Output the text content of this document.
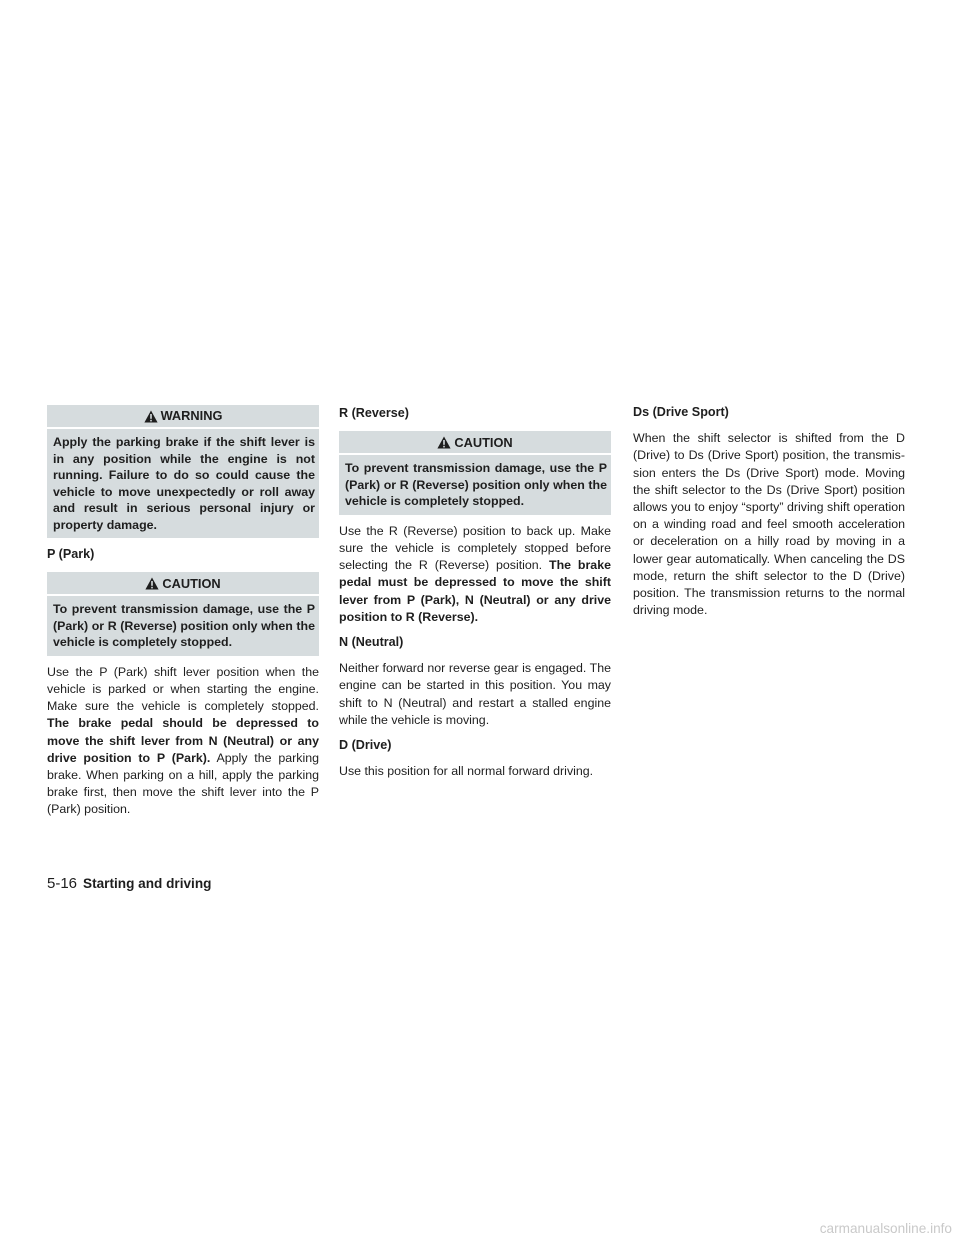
WARNING
Apply the parking brake if the shift lever is in any position while the engine is not running. Failure to do so could cause the vehicle to move unexpectedly or roll away and result in serious personal injury or property damage.
P (Park)
CAUTION
To prevent transmission damage, use the P (Park) or R (Reverse) position only when the vehicle is completely stopped.

Use the P (Park) shift lever position when the vehicle is parked or when starting the engine. Make sure the vehicle is completely stopped. The brake pedal should be depressed to move the shift lever from N (Neutral) or any drive position to P (Park). Apply the parking brake. When parking on a hill, apply the parking brake first, then move the shift lever into the P (Park) position.

R (Reverse)
CAUTION
To prevent transmission damage, use the P (Park) or R (Reverse) position only when the vehicle is completely stopped.

Use the R (Reverse) position to back up. Make sure the vehicle is completely stopped before selecting the R (Reverse) position. The brake pedal must be depressed to move the shift lever from P (Park), N (Neutral) or any drive position to R (Reverse).

N (Neutral)

Neither forward nor reverse gear is engaged. The engine can be started in this position. You may shift to N (Neutral) and restart a stalled engine while the vehicle is moving.

D (Drive)

Use this position for all normal forward driving.

Ds (Drive Sport)

When the shift selector is shifted from the D (Drive) to Ds (Drive Sport) position, the transmis-sion enters the Ds (Drive Sport) mode. Moving the shift selector to the Ds (Drive Sport) position allows you to enjoy “sporty” driving shift operation on a winding road and feel smooth acceleration or deceleration on a hilly road by moving in a lower gear automatically. When canceling the DS mode, return the shift selector to the D (Drive) position. The transmission returns to the normal driving mode.

5-16 Starting and driving
carmanualsonline.info
